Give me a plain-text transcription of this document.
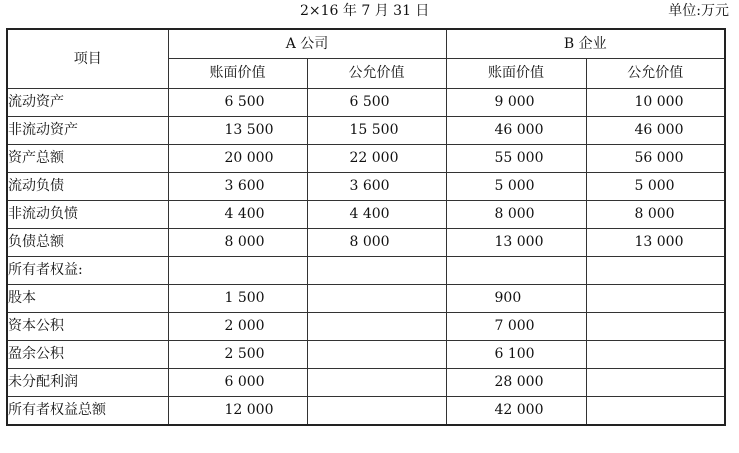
2×16 年 7 月 31 日	单位:万元
项目	A 公司		B 企业	
	账面价值	公允价值	账面价值	公允价值
流动资产	6 500	6 500	9 000	10 000
非流动资产	13 500	15 500	46 000	46 000
资产总额	20 000	22 000	55 000	56 000
流动负债	3 600	3 600	5 000	5 000
非流动负愤	4 400	4 400	8 000	8 000
负债总额	8 000	8 000	13 000	13 000
所有者权益:				
股本	1 500		900	
资本公积	2 000		7 000	
盈余公积	2 500		6 100	
未分配利润	6 000		28 000	
所有者权益总额	12 000		42 000	
